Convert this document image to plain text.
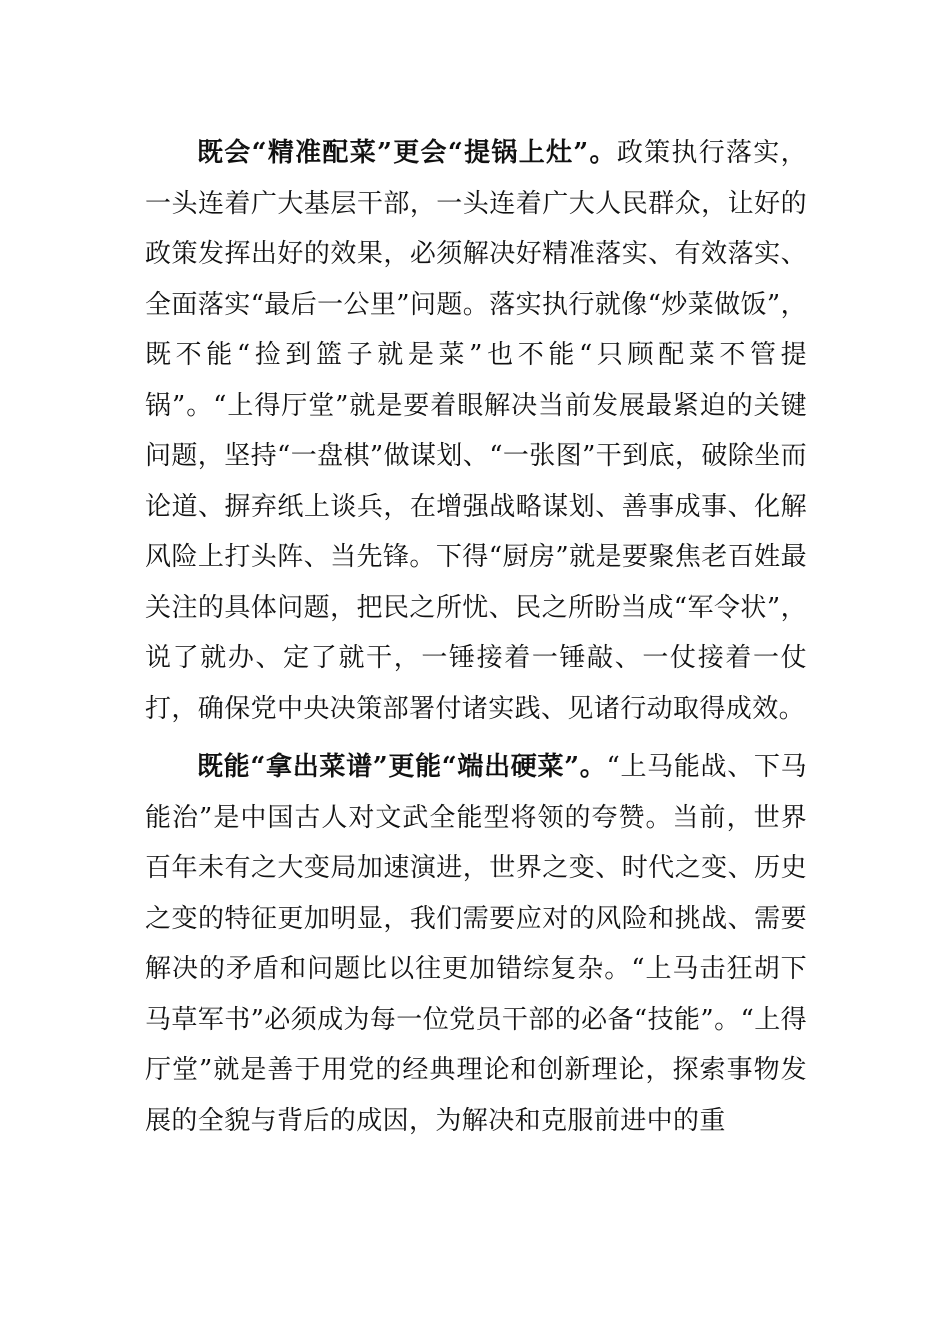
既会“精准配菜”更会“提锅上灶”。政策执行落实，一头连着广大基层干部，一头连着广大人民群众，让好的政策发挥出好的效果，必须解决好精准落实、有效落实、全面落实“最后一公里”问题。落实执行就像“炒菜做饭”，既不能“捡到篮子就是菜”也不能“只顾配菜不管提锅”。“上得厅堂”就是要着眼解决当前发展最紧迫的关键问题，坚持“一盘棋”做谋划、“一张图”干到底，破除坐而论道、摒弃纸上谈兵，在增强战略谋划、善事成事、化解风险上打头阵、当先锋。下得“厨房”就是要聚焦老百姓最关注的具体问题，把民之所忧、民之所盼当成“军令状”，说了就办、定了就干，一锤接着一锤敲、一仗接着一仗打，确保党中央决策部署付诸实践、见诸行动取得成效。

既能“拿出菜谱”更能“端出硬菜”。“上马能战、下马能治”是中国古人对文武全能型将领的夸赞。当前，世界百年未有之大变局加速演进，世界之变、时代之变、历史之变的特征更加明显，我们需要应对的风险和挑战、需要解决的矛盾和问题比以往更加错综复杂。“上马击狂胡下马草军书”必须成为每一位党员干部的必备“技能”。“上得厅堂”就是善于用党的经典理论和创新理论，探索事物发展的全貌与背后的成因，为解决和克服前进中的重
